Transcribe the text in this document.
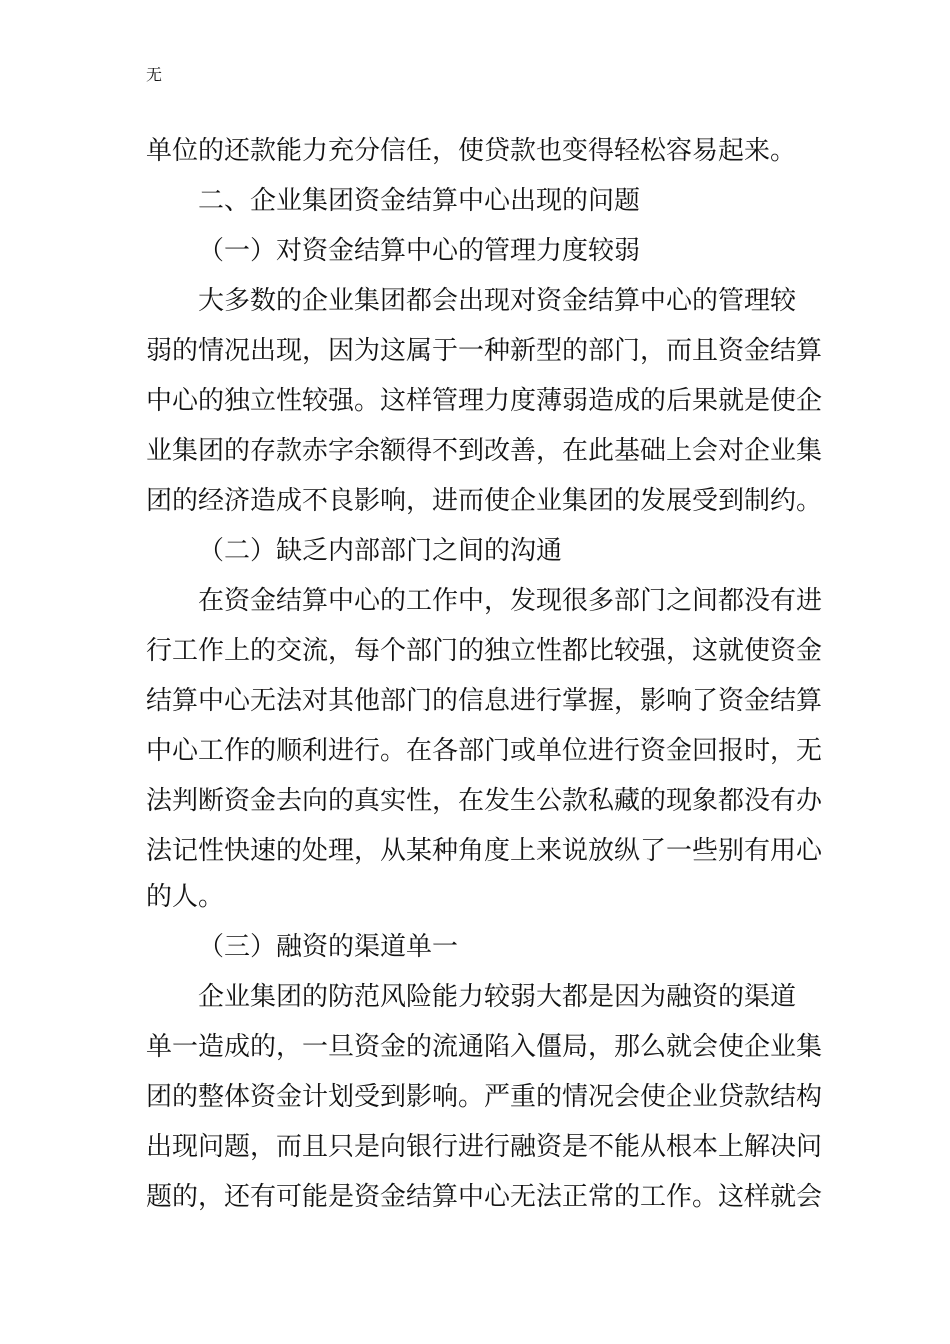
无
单位的还款能力充分信任，使贷款也变得轻松容易起来。
二、企业集团资金结算中心出现的问题
（一）对资金结算中心的管理力度较弱
大多数的企业集团都会出现对资金结算中心的管理较
弱的情况出现，因为这属于一种新型的部门，而且资金结算
中心的独立性较强。这样管理力度薄弱造成的后果就是使企
业集团的存款赤字余额得不到改善，在此基础上会对企业集
团的经济造成不良影响，进而使企业集团的发展受到制约。
（二）缺乏内部部门之间的沟通
在资金结算中心的工作中，发现很多部门之间都没有进
行工作上的交流，每个部门的独立性都比较强，这就使资金
结算中心无法对其他部门的信息进行掌握，影响了资金结算
中心工作的顺利进行。在各部门或单位进行资金回报时，无
法判断资金去向的真实性，在发生公款私藏的现象都没有办
法记性快速的处理，从某种角度上来说放纵了一些别有用心
的人。
（三）融资的渠道单一
企业集团的防范风险能力较弱大都是因为融资的渠道
单一造成的，一旦资金的流通陷入僵局，那么就会使企业集
团的整体资金计划受到影响。严重的情况会使企业贷款结构
出现问题，而且只是向银行进行融资是不能从根本上解决问
题的，还有可能是资金结算中心无法正常的工作。这样就会
